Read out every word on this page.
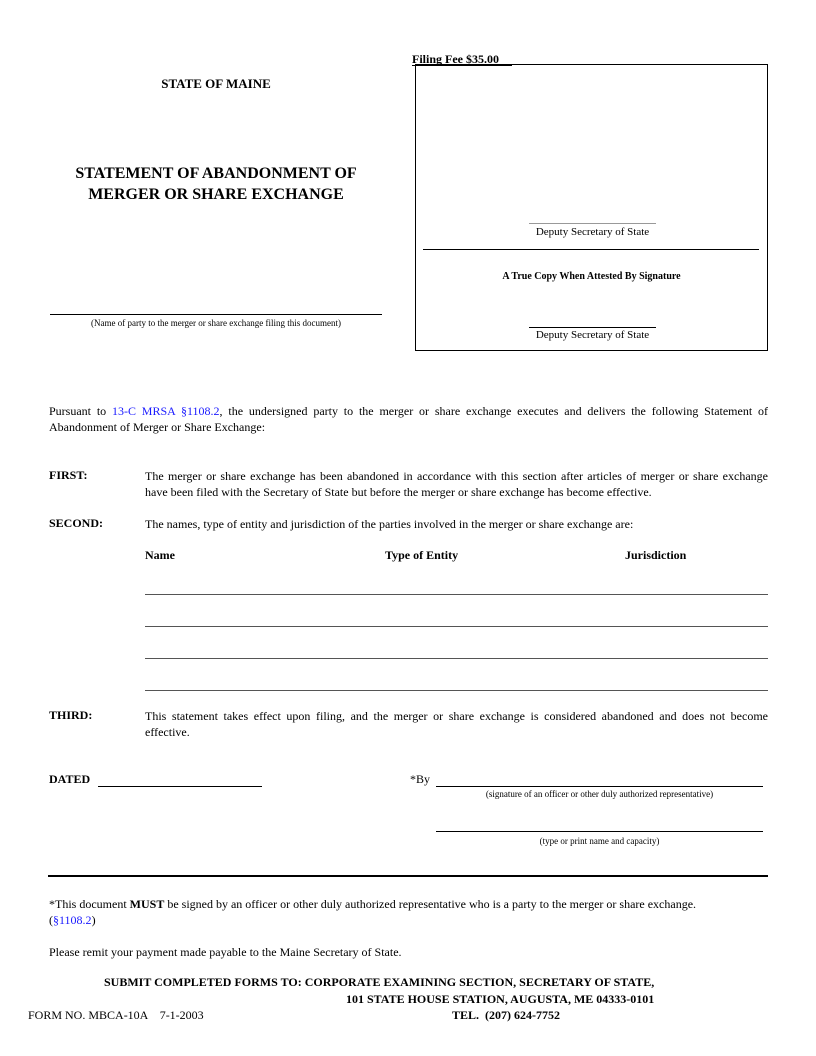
Filing Fee $35.00
STATE OF MAINE
STATEMENT OF ABANDONMENT OF
MERGER OR SHARE EXCHANGE
(Name of party to the merger or share exchange filing this document)
Deputy Secretary of State
A True Copy When Attested By Signature
Deputy Secretary of State
Pursuant to 13-C MRSA §1108.2, the undersigned party to the merger or share exchange executes and delivers the following Statement of Abandonment of Merger or Share Exchange:
FIRST:	The merger or share exchange has been abandoned in accordance with this section after articles of merger or share exchange have been filed with the Secretary of State but before the merger or share exchange has become effective.
SECOND:	The names, type of entity and jurisdiction of the parties involved in the merger or share exchange are:
Name	Type of Entity	Jurisdiction
THIRD:	This statement takes effect upon filing, and the merger or share exchange is considered abandoned and does not become effective.
DATED	*By
(signature of an officer or other duly authorized representative)
(type or print name and capacity)
*This document MUST be signed by an officer or other duly authorized representative who is a party to the merger or share exchange.
(§1108.2)
Please remit your payment made payable to the Maine Secretary of State.
SUBMIT COMPLETED FORMS TO: CORPORATE EXAMINING SECTION, SECRETARY OF STATE,
101 STATE HOUSE STATION, AUGUSTA, ME 04333-0101
FORM NO. MBCA-10A    7-1-2003	TEL.  (207) 624-7752
